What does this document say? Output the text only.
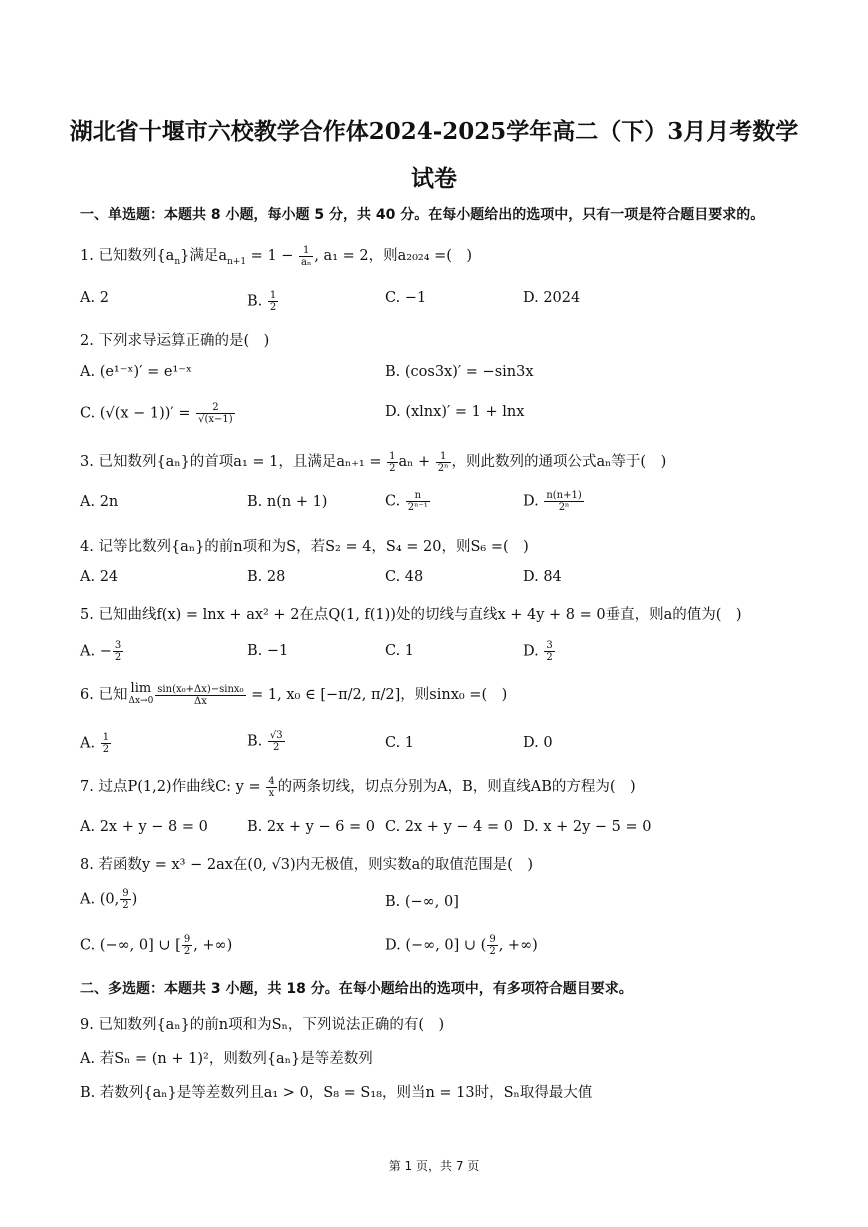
湖北省十堰市六校教学合作体2024-2025学年高二（下）3月月考数学
试卷
一、单选题：本题共 8 小题，每小题 5 分，共 40 分。在每小题给出的选项中，只有一项是符合题目要求的。
1. 已知数列$\{a_n\}$满足$a_{n+1} = 1 - \frac{1}{\text{aₙ}}$ , a₁ = 2，则a₂₀₂₄ =(　)
A. 2	B. $\frac{1}{2}$	C. −1	D. 2024
2. 下列求导运算正确的是(　)
A. (e¹⁻ˣ)′ = e¹⁻ˣ	B. (cos3x)′ = −sin3x
C. $(√(x - 1))' = \frac{2}{√(x-1)}$	D. (xlnx)′ = 1 + lnx
3. 已知数列{aₙ}的首项a₁ = 1，且满足$a_{n+1} = \frac{1}{2}$ $a_n + \frac{1}{\text{2ⁿ}}$ ，则此数列的通项公式aₙ等于(　)
A. 2n	B. n(n + 1)	C. $\frac{n}{\text{2ⁿ⁻¹}}$	D. $\frac{n(n+1)}{\text{2ⁿ}}$
4. 记等比数列{aₙ}的前n项和为S，若S₂ = 4，S₄ = 20，则S₆ =(　)
A. 24	B. 28	C. 48	D. 84
5. 已知曲线f(x) = lnx + ax² + 2在点Q(1, f(1))处的切线与直线x + 4y + 8 = 0垂直，则a的值为(　)
A. − $\frac{3}{2}$	B. −1	C. 1	D. $\frac{3}{2}$
6. 已知 lim
$\Delta x\to 0 \frac{\text{sin(x₀+Δx)−sinx₀}}{\Delta x} = 1$, x₀ ∈ [−π/2, π/2]，则sinx₀ =(　)
A. $\frac{1}{2}$	B. $\frac{√3}{2}$	C. 1	D. 0
7. 过点P(1,2)作曲线C: $y = \frac{4}{x}$ 的两条切线，切点分别为A，B，则直线AB的方程为(　)
A. 2x + y − 8 = 0	B. 2x + y − 6 = 0 C. 2x + y − 4 = 0 D. x + 2y − 5 = 0
8. 若函数y = x³ − 2ax在(0, √3)内无极值，则实数a的取值范围是(　)
A. (0, $\frac{9}{2}$ )	B. (−∞, 0]
C. (−∞, 0] ∪ [ $\frac{9}{2}$ , +∞)	D. (−∞, 0] ∪ ( $\frac{9}{2}$ , +∞)
二、多选题：本题共 3 小题，共 18 分。在每小题给出的选项中，有多项符合题目要求。
9. 已知数列{aₙ}的前n项和为Sₙ，下列说法正确的有(　)
A. 若Sₙ = (n + 1)²，则数列{aₙ}是等差数列
B. 若数列{aₙ}是等差数列且a₁ > 0，S₈ = S₁₈，则当n = 13时，Sₙ取得最大值
第 1 页，共 7 页
